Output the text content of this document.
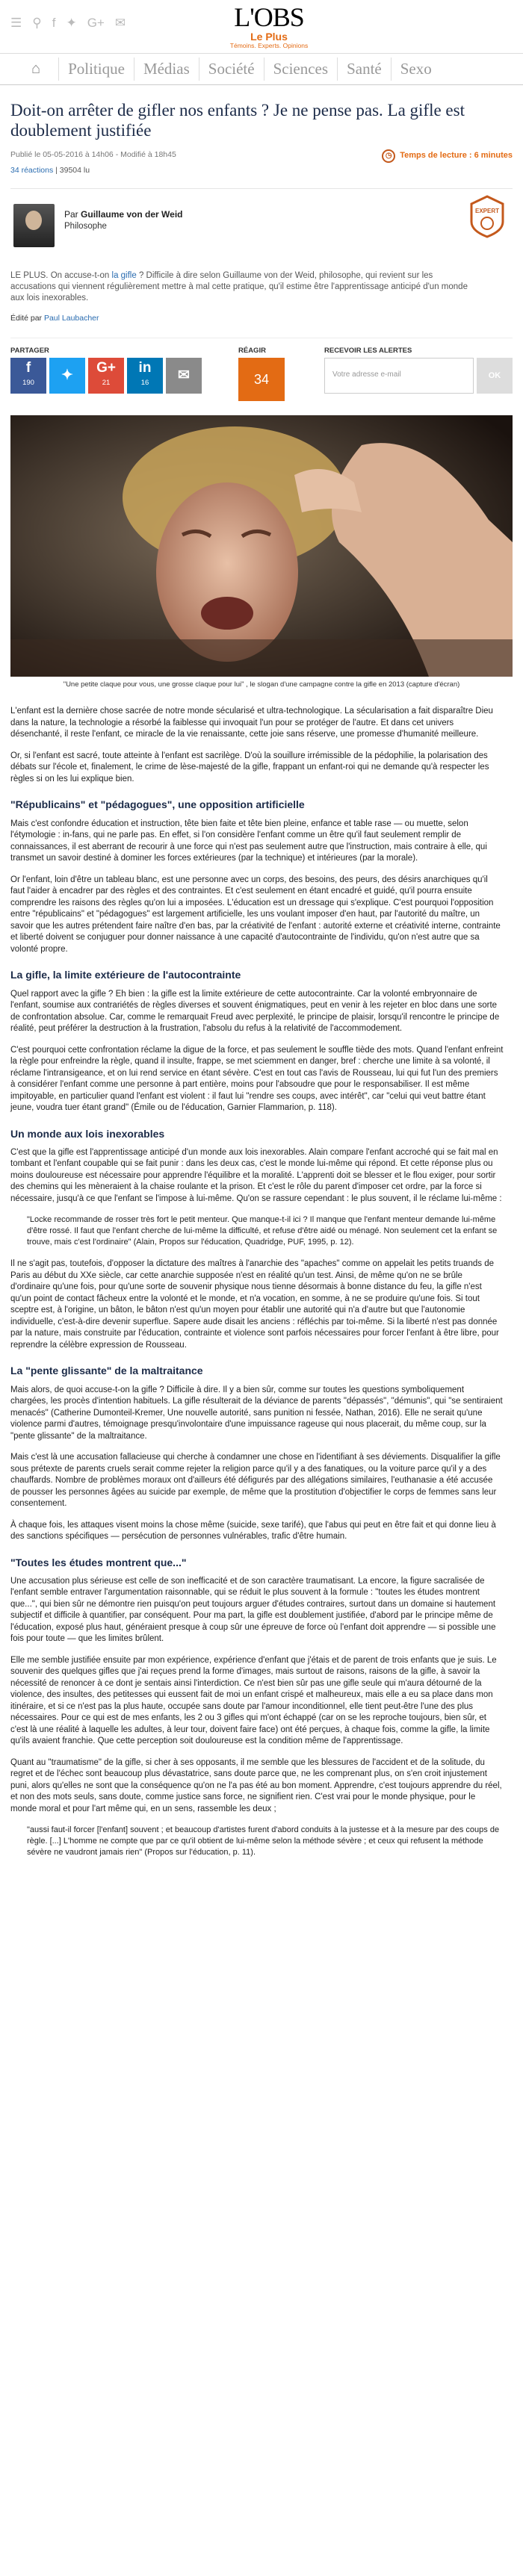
☰ ⚲ f ✦ G+ ✉	L'OBS
Le Plus
Témoins. Experts. Opinions
⌂	Politique	Médias	Société	Sciences	Santé	Sexo
Doit-on arrêter de gifler nos enfants ? Je ne pense pas. La gifle est doublement justifiée
Publié le 05-05-2016 à 14h06 - Modifié à 18h45	◷ Temps de lecture : 6 minutes
34 réactions | 39504 lu
Par Guillaume von der Weid
Philosophe
EXPERT

LE PLUS. On accuse-t-on la gifle ? Difficile à dire selon Guillaume von der Weid, philosophe, qui revient sur les accusations qui viennent régulièrement mettre à mal cette pratique, qu'il estime être l'apprentissage anticipé d'un monde aux lois inexorables.

Édité par Paul Laubacher

PARTAGER
f
190	✦	G+
21
in
16	✉
RÉAGIR
34
RECEVOIR LES ALERTES
Votre adresse e-mail	OK
"Une petite claque pour vous, une grosse claque pour lui" , le slogan d'une campagne contre la gifle en 2013 (capture d'écran)

L'enfant est la dernière chose sacrée de notre monde sécularisé et ultra-technologique. La sécularisation a fait disparaître Dieu dans la nature, la technologie a résorbé la faiblesse qui invoquait l'un pour se protéger de l'autre. Et dans cet univers désenchanté, il reste l'enfant, ce miracle de la vie renaissante, cette joie sans réserve, une promesse d'humanité meilleure.

Or, si l'enfant est sacré, toute atteinte à l'enfant est sacrilège. D'où la souillure irrémissible de la pédophilie, la polarisation des débats sur l'école et, finalement, le crime de lèse-majesté de la gifle, frappant un enfant-roi qui ne demande qu'à respecter les règles si on les lui explique bien.

"Républicains" et "pédagogues", une opposition artificielle

Mais c'est confondre éducation et instruction, tête bien faite et tête bien pleine, enfance et table rase — ou muette, selon l'étymologie : in-fans, qui ne parle pas. En effet, si l'on considère l'enfant comme un être qu'il faut seulement remplir de connaissances, il est aberrant de recourir à une force qui n'est pas seulement autre que l'instruction, mais contraire à elle, qui transmet un savoir destiné à dominer les forces extérieures (par la technique) et intérieures (par la morale).

Or l'enfant, loin d'être un tableau blanc, est une personne avec un corps, des besoins, des peurs, des désirs anarchiques qu'il faut l'aider à encadrer par des règles et des contraintes. Et c'est seulement en étant encadré et guidé, qu'il pourra ensuite comprendre les raisons des règles qu'on lui a imposées. L'éducation est un dressage qui s'explique. C'est pourquoi l'opposition entre "républicains" et "pédagogues" est largement artificielle, les uns voulant imposer d'en haut, par l'autorité du maître, un savoir que les autres prétendent faire naître d'en bas, par la créativité de l'enfant : autorité externe et créativité interne, contrainte et liberté doivent se conjuguer pour donner naissance à une capacité d'autocontrainte de l'individu, qu'on n'est autre que sa volonté propre.

La gifle, la limite extérieure de l'autocontrainte

Quel rapport avec la gifle ? Eh bien : la gifle est la limite extérieure de cette autocontrainte. Car la volonté embryonnaire de l'enfant, soumise aux contrariétés de règles diverses et souvent énigmatiques, peut en venir à les rejeter en bloc dans une sorte de confrontation absolue. Car, comme le remarquait Freud avec perplexité, le principe de plaisir, lorsqu'il rencontre le principe de réalité, peut préférer la destruction à la frustration, l'absolu du refus à la relativité de l'accommodement.

C'est pourquoi cette confrontation réclame la digue de la force, et pas seulement le souffle tiède des mots. Quand l'enfant enfreint la règle pour enfreindre la règle, quand il insulte, frappe, se met sciemment en danger, bref : cherche une limite à sa volonté, il réclame l'intransigeance, et on lui rend service en étant sévère. C'est en tout cas l'avis de Rousseau, lui qui fut l'un des premiers à considérer l'enfant comme une personne à part entière, moins pour l'absoudre que pour le responsabiliser. Il est même impitoyable, en particulier quand l'enfant est violent : il faut lui "rendre ses coups, avec intérêt", car "celui qui veut battre étant jeune, voudra tuer étant grand" (Émile ou de l'éducation, Garnier Flammarion, p. 118).

Un monde aux lois inexorables

C'est que la gifle est l'apprentissage anticipé d'un monde aux lois inexorables. Alain compare l'enfant accroché qui se fait mal en tombant et l'enfant coupable qui se fait punir : dans les deux cas, c'est le monde lui-même qui répond. Et cette réponse plus ou moins douloureuse est nécessaire pour apprendre l'équilibre et la moralité. L'apprenti doit se blesser et le flou exiger, pour sortir des chemins qui les mèneraient à la chaise roulante et la prison. Et c'est le rôle du parent d'imposer cet ordre, par la force si nécessaire, jusqu'à ce que l'enfant se l'impose à lui-même. Qu'on se rassure cependant : le plus souvent, il le réclame lui-même :

"Locke recommande de rosser très fort le petit menteur. Que manque-t-il ici ? Il manque que l'enfant menteur demande lui-même d'être rossé. Il faut que l'enfant cherche de lui-même la difficulté, et refuse d'être aidé ou ménagé. Non seulement cet la enfant se trouve, mais c'est l'ordinaire" (Alain, Propos sur l'éducation, Quadridge, PUF, 1995, p. 12).

Il ne s'agit pas, toutefois, d'opposer la dictature des maîtres à l'anarchie des "apaches" comme on appelait les petits truands de Paris au début du XXe siècle, car cette anarchie supposée n'est en réalité qu'un test. Ainsi, de même qu'on ne se brûle d'ordinaire qu'une fois, pour qu'une sorte de souvenir physique nous tienne désormais à bonne distance du feu, la gifle n'est qu'un point de contact fâcheux entre la volonté et le monde, et n'a vocation, en somme, à ne se produire qu'une fois. Si tout sceptre est, à l'origine, un bâton, le bâton n'est qu'un moyen pour établir une autorité qui n'a d'autre but que l'autonomie individuelle, c'est-à-dire devenir superflue. Sapere aude disait les anciens : réfléchis par toi-même. Si la liberté n'est pas donnée par la nature, mais construite par l'éducation, contrainte et violence sont parfois nécessaires pour forcer l'enfant à être libre, pour reprendre la célèbre expression de Rousseau.

La "pente glissante" de la maltraitance

Mais alors, de quoi accuse-t-on la gifle ? Difficile à dire. Il y a bien sûr, comme sur toutes les questions symboliquement chargées, les procès d'intention habituels. La gifle résulterait de la déviance de parents "dépassés", "démunis", qui "se sentiraient menacés" (Catherine Dumonteil-Kremer, Une nouvelle autorité, sans punition ni fessée, Nathan, 2016). Elle ne serait qu'une violence parmi d'autres, témoignage presqu'involontaire d'une impuissance rageuse qui nous placerait, du même coup, sur la "pente glissante" de la maltraitance.

Mais c'est là une accusation fallacieuse qui cherche à condamner une chose en l'identifiant à ses déviements. Disqualifier la gifle sous prétexte de parents cruels serait comme rejeter la religion parce qu'il y a des fanatiques, ou la voiture parce qu'il y a des chauffards. Nombre de problèmes moraux ont d'ailleurs été défigurés par des allégations similaires, l'euthanasie a été accusée de pousser les personnes âgées au suicide par exemple, de même que la prostitution d'objectifier le corps de femmes sans leur consentement.

À chaque fois, les attaques visent moins la chose même (suicide, sexe tarifé), que l'abus qui peut en être fait et qui donne lieu à des sanctions spécifiques — persécution de personnes vulnérables, trafic d'être humain.

"Toutes les études montrent que..."

Une accusation plus sérieuse est celle de son inefficacité et de son caractère traumatisant. La encore, la figure sacralisée de l'enfant semble entraver l'argumentation raisonnable, qui se réduit le plus souvent à la formule : "toutes les études montrent que...", qui bien sûr ne démontre rien puisqu'on peut toujours arguer d'études contraires, surtout dans un domaine si hautement subjectif et difficile à quantifier, par conséquent. Pour ma part, la gifle est doublement justifiée, d'abord par le principe même de l'éducation, exposé plus haut, généraient presque à coup sûr une épreuve de force où l'enfant doit apprendre — si possible une fois pour toute — que les limites brûlent.

Elle me semble justifiée ensuite par mon expérience, expérience d'enfant que j'étais et de parent de trois enfants que je suis. Le souvenir des quelques gifles que j'ai reçues prend la forme d'images, mais surtout de raisons, raisons de la gifle, à savoir la nécessité de renoncer à ce dont je sentais ainsi l'interdiction. Ce n'est bien sûr pas une gifle seule qui m'aura détourné de la violence, des insultes, des petitesses qui eussent fait de moi un enfant crispé et malheureux, mais elle a eu sa place dans mon itinéraire, et si ce n'est pas la plus haute, occupée sans doute par l'amour inconditionnel, elle tient peut-être l'une des plus nécessaires. Pour ce qui est de mes enfants, les 2 ou 3 gifles qui m'ont échappé (car on se les reproche toujours, bien sûr, et c'est là une réalité à laquelle les adultes, à leur tour, doivent faire face) ont été perçues, à chaque fois, comme la gifle, la limite qu'ils avaient franchie. Que cette perception soit douloureuse est la condition même de l'apprentissage.

Quant au "traumatisme" de la gifle, si cher à ses opposants, il me semble que les blessures de l'accident et de la solitude, du regret et de l'échec sont beaucoup plus dévastatrice, sans doute parce que, ne les comprenant plus, on s'en croit injustement puni, alors qu'elles ne sont que la conséquence qu'on ne l'a pas été au bon moment. Apprendre, c'est toujours apprendre du réel, et non des mots seuls, sans doute, comme justice sans force, ne signifient rien. C'est vrai pour le monde physique, pour le monde moral et pour l'art même qui, en un sens, rassemble les deux ;

"aussi faut-il forcer [l'enfant] souvent ; et beaucoup d'artistes furent d'abord conduits à la justesse et à la mesure par des coups de règle. [...] L'homme ne compte que par ce qu'il obtient de lui-même selon la méthode sévère ; et ceux qui refusent la méthode sévère ne vaudront jamais rien" (Propos sur l'éducation, p. 11).
